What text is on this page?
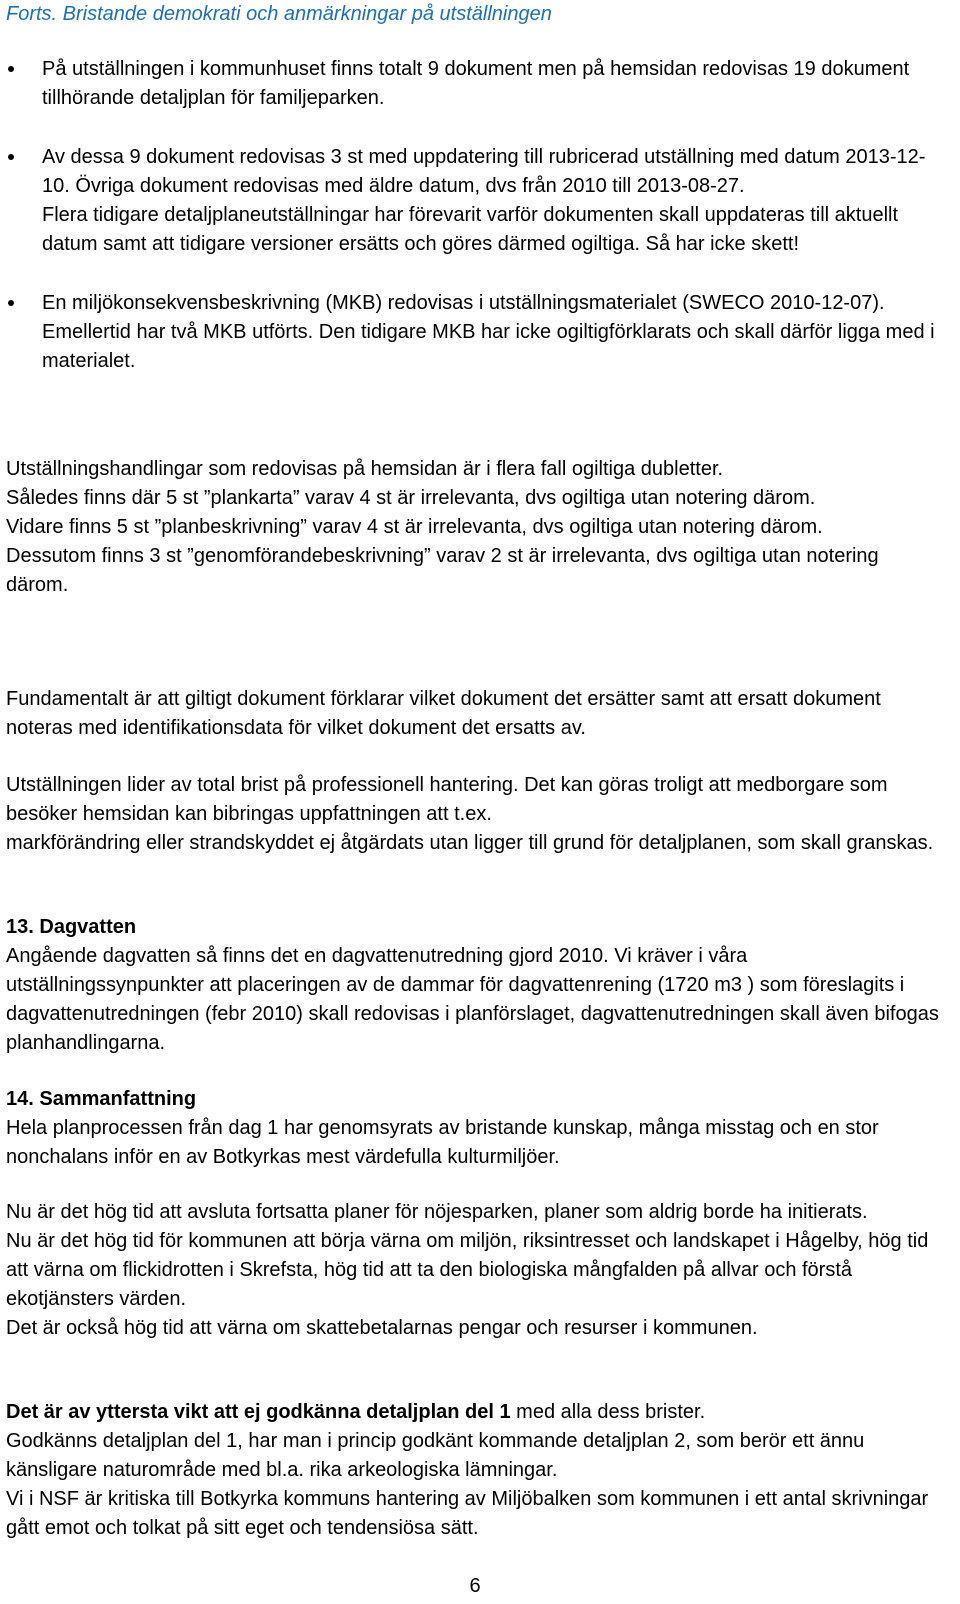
Forts. Bristande demokrati och anmärkningar på utställningen

På utställningen i kommunhuset finns totalt 9 dokument men på hemsidan redovisas 19 dokument tillhörande detaljplan för familjeparken.
Av dessa 9 dokument redovisas 3 st med uppdatering till rubricerad utställning med datum 2013-12-10. Övriga dokument redovisas med äldre datum, dvs från 2010 till 2013-08-27.
Flera tidigare detaljplaneutställningar har förevarit varför dokumenten skall uppdateras till aktuellt datum samt att tidigare versioner ersätts och göres därmed ogiltiga. Så har icke skett!
En miljökonsekvensbeskrivning (MKB) redovisas i utställningsmaterialet (SWECO 2010-12-07). Emellertid har två MKB utförts. Den tidigare MKB har icke ogiltigförklarats och skall därför ligga med i materialet.

Utställningshandlingar som redovisas på hemsidan är i flera fall ogiltiga dubletter.

Således finns där 5 st ”plankarta” varav 4 st är irrelevanta, dvs ogiltiga utan notering därom.

Vidare finns 5 st ”planbeskrivning” varav 4 st är irrelevanta, dvs ogiltiga utan notering därom.

Dessutom finns 3 st ”genomförandebeskrivning” varav 2 st är irrelevanta, dvs ogiltiga utan notering därom.

Fundamentalt är att giltigt dokument förklarar vilket dokument det ersätter samt att ersatt dokument noteras med identifikationsdata för vilket dokument det ersatts av.

Utställningen lider av total brist på professionell hantering. Det kan göras troligt att medborgare som besöker hemsidan kan bibringas uppfattningen att t.ex.

markförändring eller strandskyddet ej åtgärdats utan ligger till grund för detaljplanen, som skall granskas.

13. Dagvatten

Angående dagvatten så finns det en dagvattenutredning gjord 2010. Vi kräver i våra utställningssynpunkter att placeringen av de dammar för dagvattenrening (1720 m3 ) som föreslagits i dagvattenutredningen (febr 2010) skall redovisas i planförslaget, dagvattenutredningen skall även bifogas planhandlingarna.

14. Sammanfattning

Hela planprocessen från dag 1 har genomsyrats av bristande kunskap, många misstag och en stor nonchalans inför en av Botkyrkas mest värdefulla kulturmiljöer.

Nu är det hög tid att avsluta fortsatta planer för nöjesparken, planer som aldrig borde ha initierats.

Nu är det hög tid för kommunen att börja värna om miljön, riksintresset och landskapet i Hågelby, hög tid att värna om flickidrotten i Skrefsta, hög tid att ta den biologiska mångfalden på allvar och förstå ekotjänsters värden.

Det är också hög tid att värna om skattebetalarnas pengar och resurser i kommunen.

Det är av yttersta vikt att ej godkänna detaljplan del 1 med alla dess brister.

Godkänns detaljplan del 1, har man i princip godkänt kommande detaljplan 2, som berör ett ännu känsligare naturområde med bl.a. rika arkeologiska lämningar.

Vi i NSF är kritiska till Botkyrka kommuns hantering av Miljöbalken som kommunen i ett antal skrivningar gått emot och tolkat på sitt eget och tendensiösa sätt.

6
